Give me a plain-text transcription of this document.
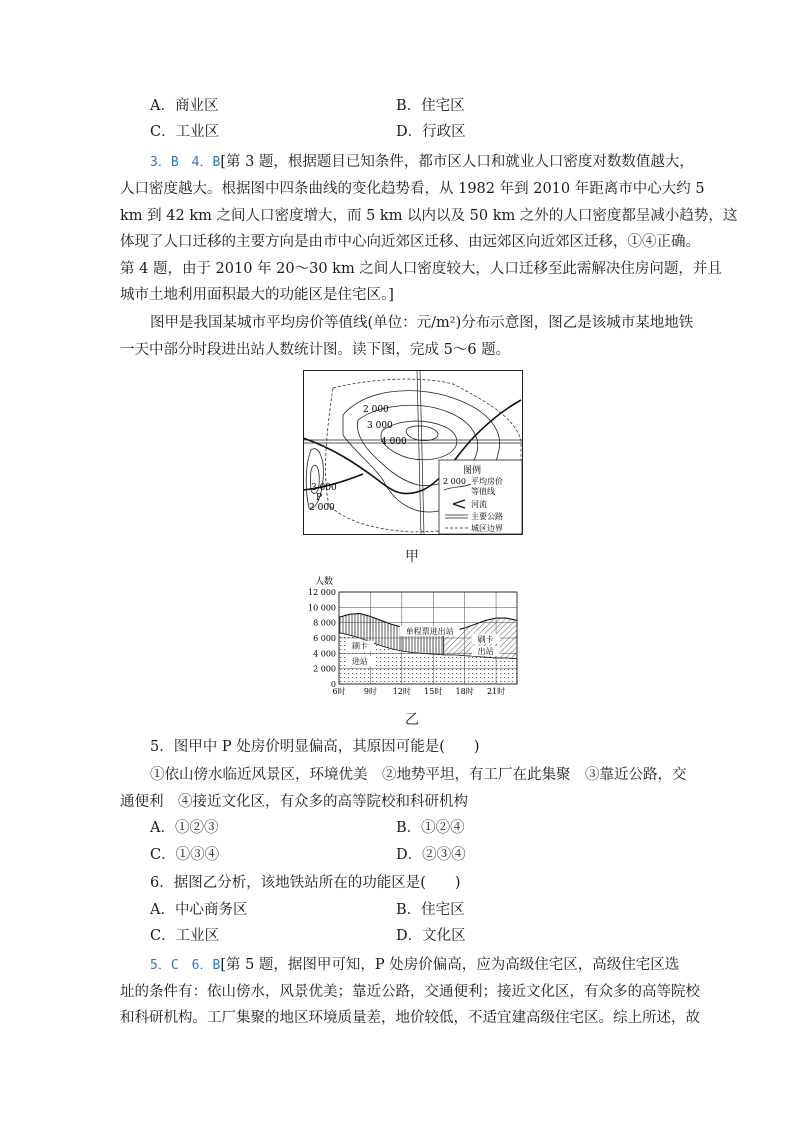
A．商业区	B．住宅区
C．工业区	D．行政区
3．B　4．B[第 3 题，根据题目已知条件，都市区人口和就业人口密度对数数值越大，
人口密度越大。根据图中四条曲线的变化趋势看，从 1982 年到 2010 年距离市中心大约 5
km 到 42 km 之间人口密度增大，而 5 km 以内以及 50 km 之外的人口密度都呈减小趋势，这
体现了人口迁移的主要方向是由市中心向近郊区迁移、由远郊区向近郊区迁移，①④正确。
第 4 题，由于 2010 年 20～30 km 之间人口密度较大，人口迁移至此需解决住房问题，并且
城市土地利用面积最大的功能区是住宅区。]
图甲是我国某城市平均房价等值线(单位：元/m²)分布示意图，图乙是该城市某地地铁
一天中部分时段进出站人数统计图。读下图，完成 5～6 题。
2 000
3 000
4 000
3 000
P
2 000
图例
2 000 平均房价
等值线
河流
主要公路
城区边界
甲
0
2 000
4 000
6 000
8 000
10 000
12 000
6时 9时 12时 15时 18时 21时
人数
单程票进出站
刷卡
进站
刷卡
出站
乙
5．图甲中 P 处房价明显偏高，其原因可能是(　　)
①依山傍水临近风景区，环境优美　②地势平坦，有工厂在此集聚　③靠近公路，交
通便利　④接近文化区，有众多的高等院校和科研机构
A．①②③	B．①②④
C．①③④	D．②③④
6．据图乙分析，该地铁站所在的功能区是(　　)
A．中心商务区	B．住宅区
C．工业区	D．文化区
5．C　6．B[第 5 题，据图甲可知，P 处房价偏高，应为高级住宅区，高级住宅区选
址的条件有：依山傍水，风景优美；靠近公路，交通便利；接近文化区，有众多的高等院校
和科研机构。工厂集聚的地区环境质量差，地价较低，不适宜建高级住宅区。综上所述，故
